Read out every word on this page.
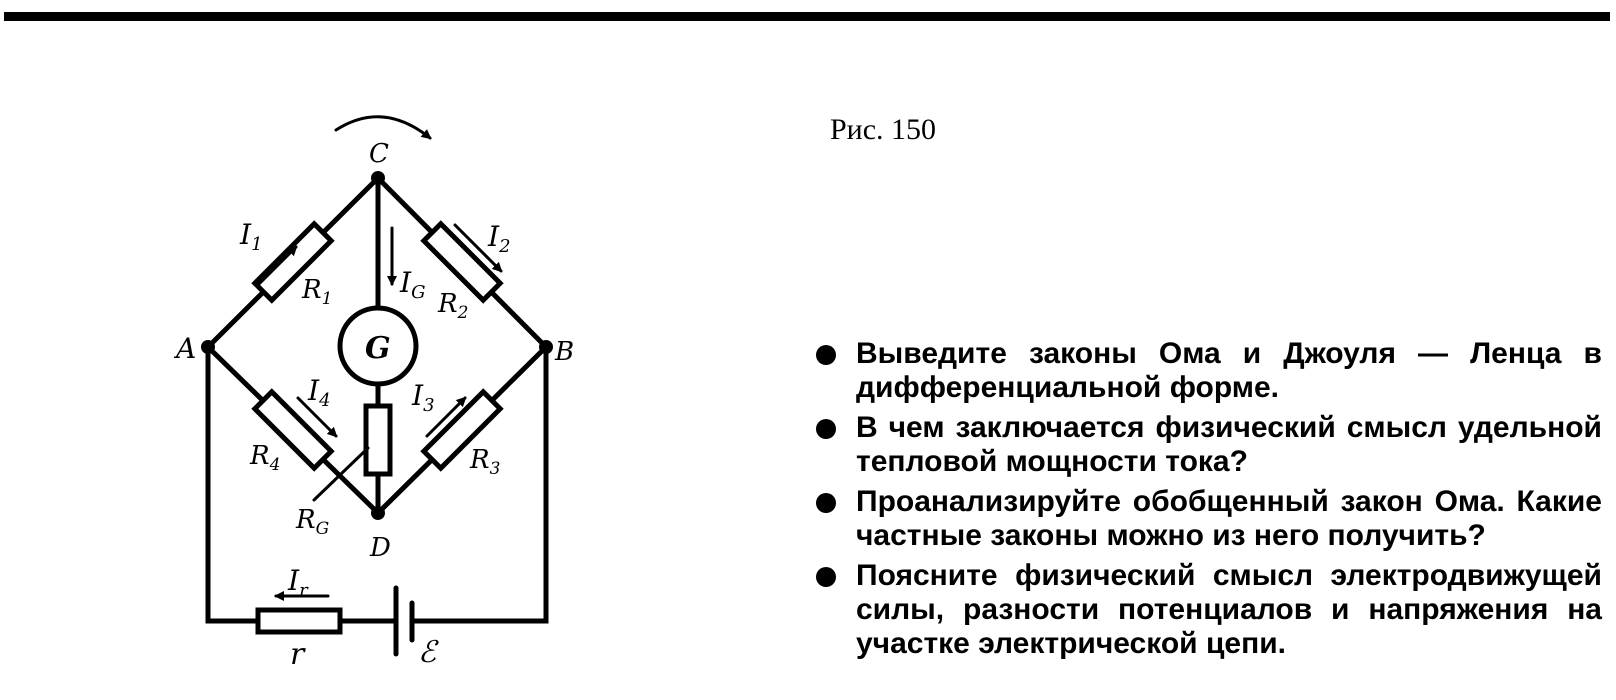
A	B
C
D
G
$I_1$	$I_2$
$I_3$
$I_4$
$I_G$
$R_1$	$R_2$
$R_3$
$R_4$
$R_G$
$I_r$
r	ℰ
Рис. 150
Выведите законы Ома и Джоуля — Ленца в дифференциальной форме.
В чем заключается физический смысл удельной тепловой мощности тока?
Проанализируйте обобщенный закон Ома. Какие частные законы можно из него получить?
Поясните физический смысл электродвижущей силы, разности потенциалов и напряжения на участке электрической цепи.
